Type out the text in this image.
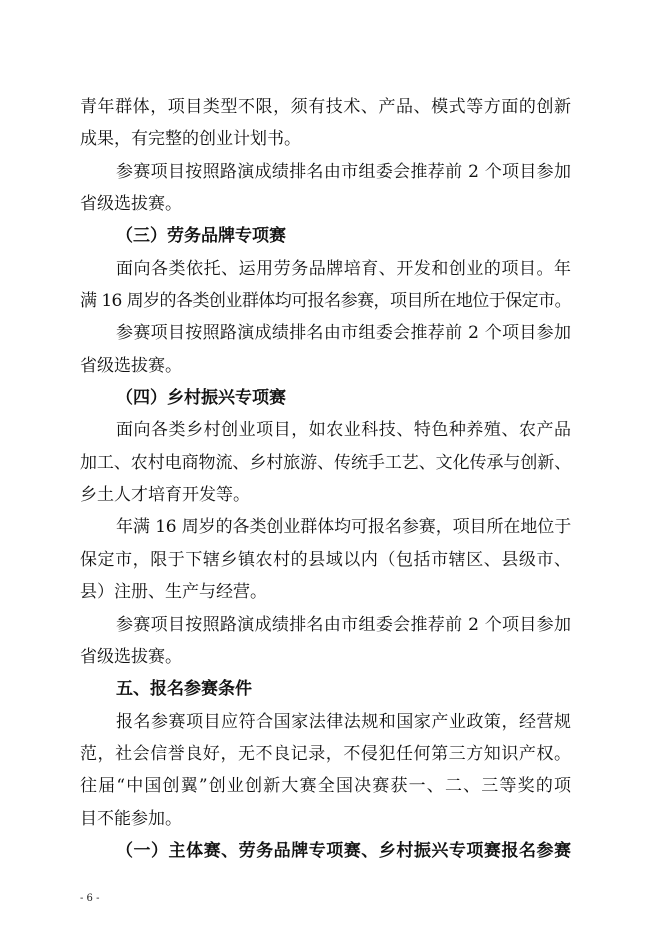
青年群体，项目类型不限，须有技术、产品、模式等方面的创新
成果，有完整的创业计划书。
参赛项目按照路演成绩排名由市组委会推荐前 2 个项目参加
省级选拔赛。
（三）劳务品牌专项赛
面向各类依托、运用劳务品牌培育、开发和创业的项目。年
满 16 周岁的各类创业群体均可报名参赛，项目所在地位于保定市。
参赛项目按照路演成绩排名由市组委会推荐前 2 个项目参加
省级选拔赛。
（四）乡村振兴专项赛
面向各类乡村创业项目，如农业科技、特色种养殖、农产品
加工、农村电商物流、乡村旅游、传统手工艺、文化传承与创新、
乡土人才培育开发等。
年满 16 周岁的各类创业群体均可报名参赛，项目所在地位于
保定市，限于下辖乡镇农村的县域以内（包括市辖区、县级市、
县）注册、生产与经营。
参赛项目按照路演成绩排名由市组委会推荐前 2 个项目参加
省级选拔赛。
五、报名参赛条件
报名参赛项目应符合国家法律法规和国家产业政策，经营规
范，社会信誉良好，无不良记录，不侵犯任何第三方知识产权。
往届“中国创翼”创业创新大赛全国决赛获一、二、三等奖的项
目不能参加。
（一）主体赛、劳务品牌专项赛、乡村振兴专项赛报名参赛
- 6 -
